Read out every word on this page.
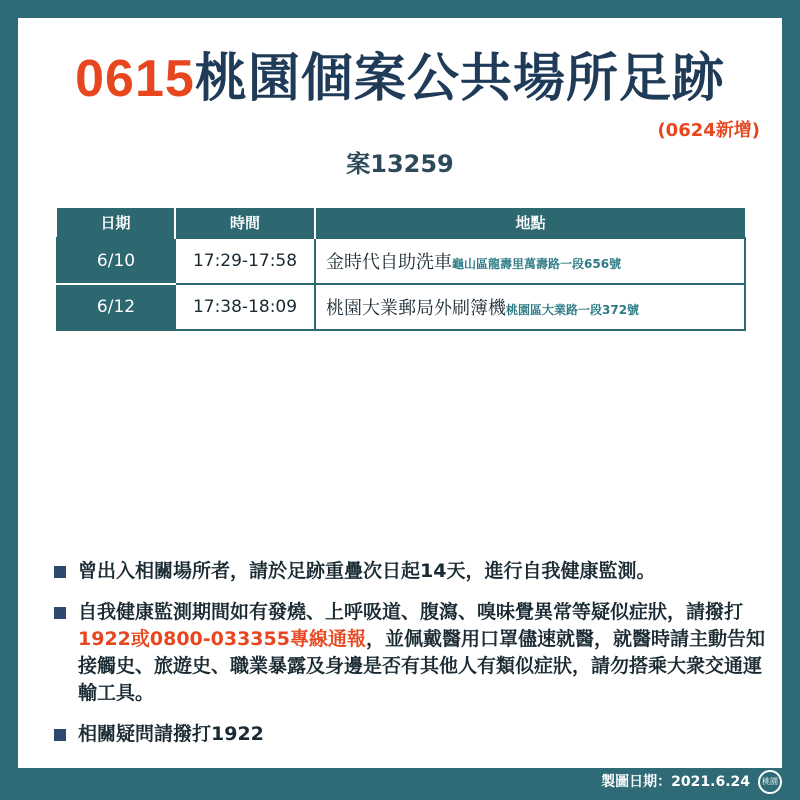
0615桃園個案公共場所足跡
(0624新增)
案13259
日期	時間	地點
6/10	17:29-17:58	金時代自助洗車龜山區龍壽里萬壽路一段656號
6/12	17:38-18:09	桃園大業郵局外刷簿機桃園區大業路一段372號
曾出入相關場所者，請於足跡重疊次日起14天，進行自我健康監測。
自我健康監測期間如有發燒、上呼吸道、腹瀉、嗅味覺異常等疑似症狀，請撥打1922或0800-033355專線通報，並佩戴醫用口罩儘速就醫，就醫時請主動告知接觸史、旅遊史、職業暴露及身邊是否有其他人有類似症狀，請勿搭乘大衆交通運輸工具。
相關疑問請撥打1922
製圖日期：2021.6.24	桃園
